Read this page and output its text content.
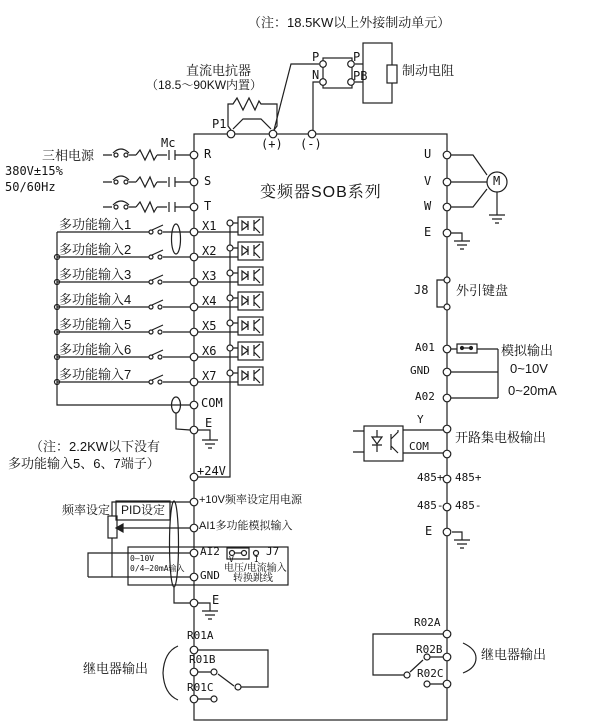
（注：18.5KW以上外接制动单元）
直流电抗器
（18.5～90KW内置）
P1
(+) (-)
P
N
P
PB	制动电阻
Mc
三相电源
380V±15%
50/60Hz
R
S
T
变频器SOB系列
多功能输入1
多功能输入2
多功能输入3
多功能输入4
多功能输入5
多功能输入6
多功能输入7
X1
X2
X3
X4
X5
X6
X7
COM
E
（注：2.2KW以下没有
多功能输入5、6、7端子）	+24V
+10V频率设定用电源
频率设定 PID设定
AI1多功能模拟输入
AI2
0—10V
0/4—20mA输入
V	I
J7
电压/电流输入
转换跳线
GND
E
R01A
R01B
R01C
继电器输出
U
V
W
E
M
J8 外引键盘
A01
GND
A02
模拟输出
0~10V
0~20mA
Y
COM
开路集电极输出
485+ 485+
485- 485-
E
R02A
R02B
R02C
继电器输出
